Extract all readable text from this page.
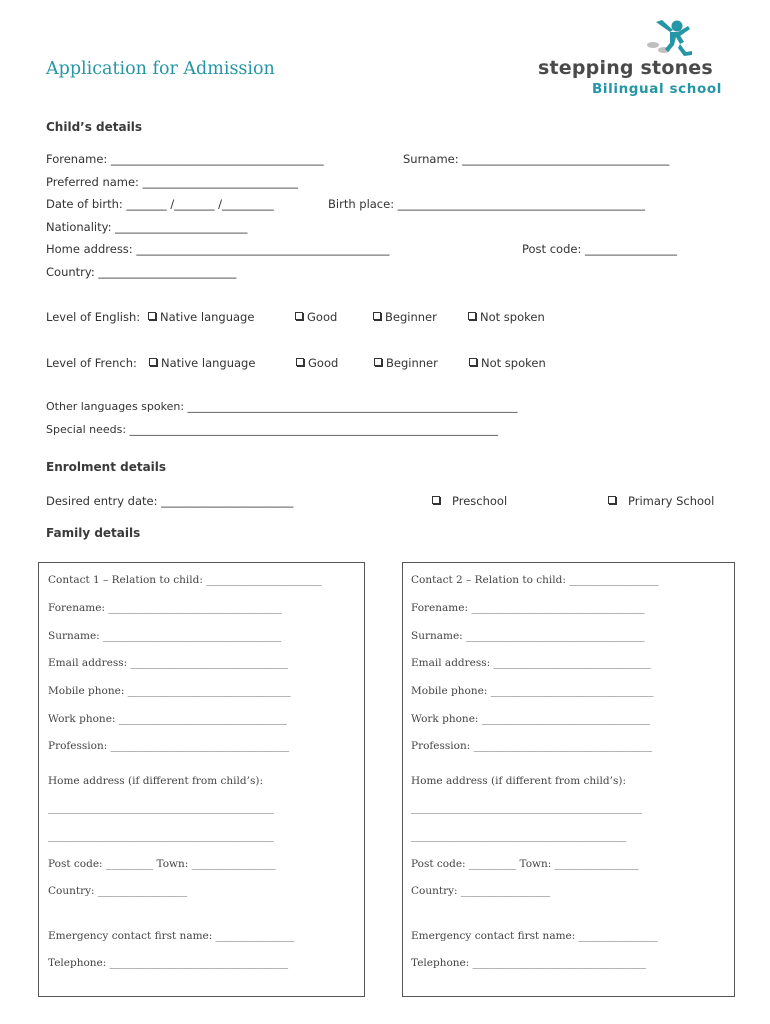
Application for Admission	stepping stones
Bilingual school
Child’s details
Forename: _____________________________________	Surname: ____________________________________
Preferred name: ___________________________
Date of birth: _______ /_______ /_________	Birth place: ___________________________________________
Nationality: _______________________
Home address: ____________________________________________	Post code: ________________
Country: ________________________
Level of English:	Native language	Good	Beginner	Not spoken
Level of French:	Native language	Good	Beginner	Not spoken
Other languages spoken: ____________________________________________________________
Special needs: ___________________________________________________________________
Enrolment details
Desired entry date: _______________________	Preschool	Primary School
Family details
Contact 1 – Relation to child: ______________________
Forename: _________________________________
Surname: __________________________________
Email address: ______________________________
Mobile phone: _______________________________
Work phone: ________________________________
Profession: __________________________________
Home address (if different from child’s):
___________________________________________
___________________________________________
Post code: _________ Town: ________________
Country: _________________
Emergency contact first name: _______________
Telephone: __________________________________
Contact 2 – Relation to child: _________________
Forename: _________________________________
Surname: __________________________________
Email address: ______________________________
Mobile phone: _______________________________
Work phone: ________________________________
Profession: __________________________________
Home address (if different from child’s):
____________________________________________
_________________________________________
Post code: _________ Town: ________________
Country: _________________
Emergency contact first name: _______________
Telephone: _________________________________
